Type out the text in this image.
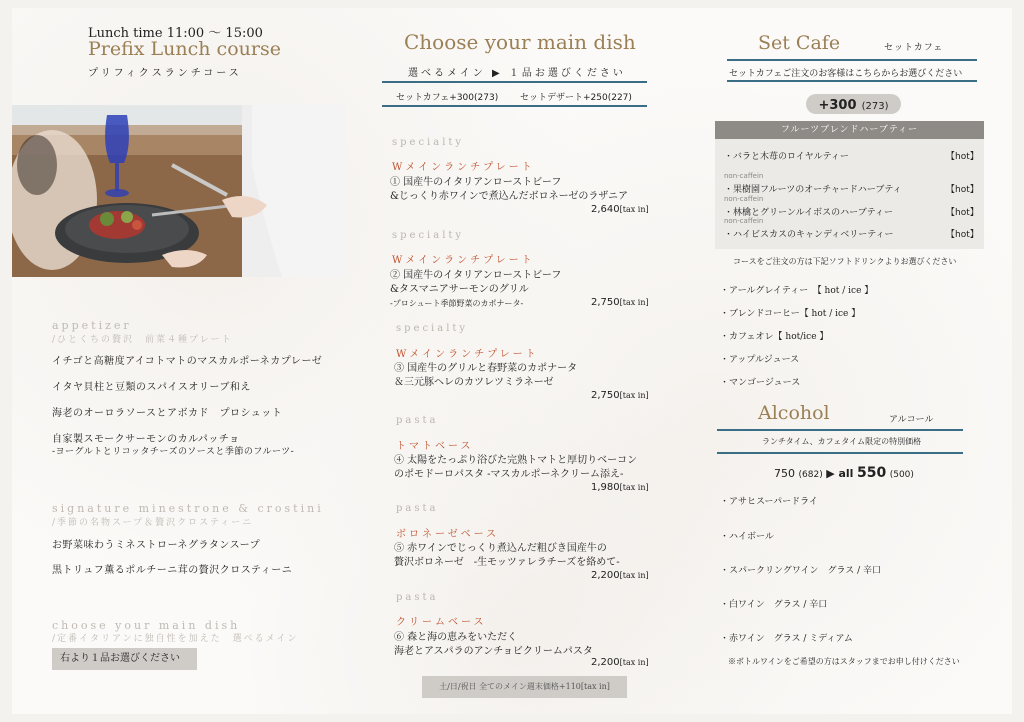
Lunch time 11:00 〜 15:00
Prefix Lunch course
プリフィクスランチコース
appetizer
/ひとくちの贅沢　前菜４種プレート
イチゴと高糖度アイコトマトのマスカルポーネカプレーゼ
イタヤ貝柱と豆類のスパイスオリーブ和え
海老のオーロラソースとアボカド　プロシュット
自家製スモークサーモンのカルパッチョ
-ヨーグルトとリコッタチーズのソースと季節のフルーツ-
signature minestrone & crostini
/季節の名物スープ＆贅沢クロスティーニ
お野菜味わうミネストローネグラタンスープ
黒トリュフ薫るポルチーニ茸の贅沢クロスティーニ
choose your main dish
/定番イタリアンに独自性を加えた　選べるメイン
右より１品お選びください
Choose your main dish
選べるメイン ▶ １品お選びください
セットカフェ+300(273) セットデザート+250(227)
specialty
Wメインランチプレート
① 国産牛のイタリアンローストビーフ
&じっくり赤ワインで煮込んだボロネーゼのラザニア
2,640[tax in]
specialty
Wメインランチプレート
② 国産牛のイタリアンローストビーフ
&タスマニアサーモンのグリル
-プロシュート季節野菜のカポナータ-	2,750[tax in]
specialty
Wメインランチプレート
③ 国産牛のグリルと春野菜のカポナータ
＆三元豚ヘレのカツレツミラネーゼ
2,750[tax in]
pasta
トマトベース
④ 太陽をたっぷり浴びた完熟トマトと厚切りベーコン
のポモドーロパスタ -マスカルポーネクリーム添え-
1,980[tax in]
pasta
ボロネーゼベース
⑤ 赤ワインでじっくり煮込んだ粗びき国産牛の
贅沢ボロネーゼ　-生モッツァレラチーズを絡めて-
2,200[tax in]
pasta
クリームベース
⑥ 森と海の恵みをいただく
海老とアスパラのアンチョビクリームパスタ
2,200[tax in]
土/日/祝日 全てのメイン週末価格+110[tax in]
Set Cafe	セットカフェ
セットカフェご注文のお客様はこちらからお選びください
+300 (273)
フルーツブレンドハーブティー
・バラと木苺のロイヤルティー	【hot】
non-caffein
・果樹園フルーツのオーチャードハーブティ	【hot】
non-caffein
・林檎とグリーンルイボスのハーブティー	【hot】
non-caffein
・ハイビスカスのキャンディベリーティー	【hot】
コースをご注文の方は下記ソフトドリンクよりお選びください
・アールグレイティー　【 hot / ice 】
・ブレンドコーヒー【 hot / ice 】
・カフェオレ【 hot/ice 】
・アップルジュース
・マンゴージュース
Alcohol	アルコール
ランチタイム、カフェタイム限定の特別価格
750 (682) ▶ all 550 (500)
・アサヒスーパードライ
・ハイボール
・スパークリングワイン　グラス / 辛口
・白ワイン　グラス / 辛口
・赤ワイン　グラス / ミディアム
※ボトルワインをご希望の方はスタッフまでお申し付けください
